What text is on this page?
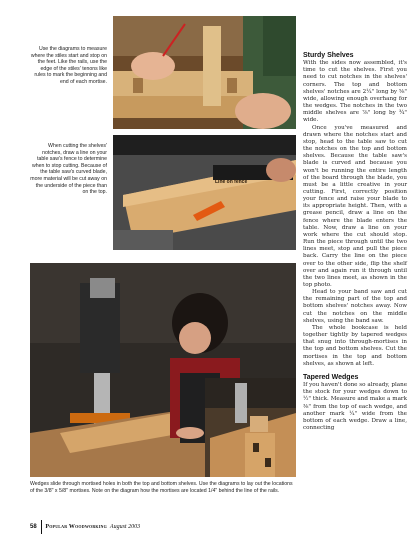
Line on fence
Use the diagrams to measure where the stiles start and stop on the feet. Like the rails, use the edge of the stiles' tenons like rules to mark the beginning and end of each mortise.
When cutting the shelves' notches, draw a line on your table saw's fence to determine when to stop cutting. Because of the table saw's curved blade, more material will be cut away on the underside of the piece than on the top.
Wedges slide through mortised holes in both the top and bottom shelves. Use the diagrams to lay out the locations of the 3/8" x 5/8" mortises. Note on the diagram how the mortises are located 1/4" behind the line of the rails.
Sturdy Shelves

With the sides now assembled, it's time to cut the shelves. First you need to cut notches in the shelves' corners. The top and bottom shelves' notches are 2¼" long by ⅝" wide, allowing enough overhang for the wedges. The notches in the two middle shelves are ⅞" long by ¾" wide.

Once you've measured and drawn where the notches start and stop, head to the table saw to cut the notches on the top and bottom shelves. Because the table saw's blade is curved and because you won't be running the entire length of the board through the blade, you must be a little creative in your cutting. First, correctly position your fence and raise your blade to its appropriate height. Then, with a grease pencil, draw a line on the fence where the blade enters the table. Now, draw a line on your work where the cut should stop. Run the piece through until the two lines meet, stop and pull the piece back. Carry the line on the piece over to the other side, flip the shelf over and again run it through until the two lines meet, as shown in the top photo.

Head to your band saw and cut the remaining part of the top and bottom shelves' notches away. Now cut the notches on the middle shelves, using the band saw.

The whole bookcase is held together tightly by tapered wedges that snug into through-mortises in the top and bottom shelves. Cut the mortises in the top and bottom shelves, as shown at left.

Tapered Wedges

If you haven't done so already, plane the stock for your wedges down to ½" thick. Measure and make a mark ⅜" from the top of each wedge, and another mark ¼" wide from the bottom of each wedge. Draw a line, connecting

58 Popular Woodworking August 2003
